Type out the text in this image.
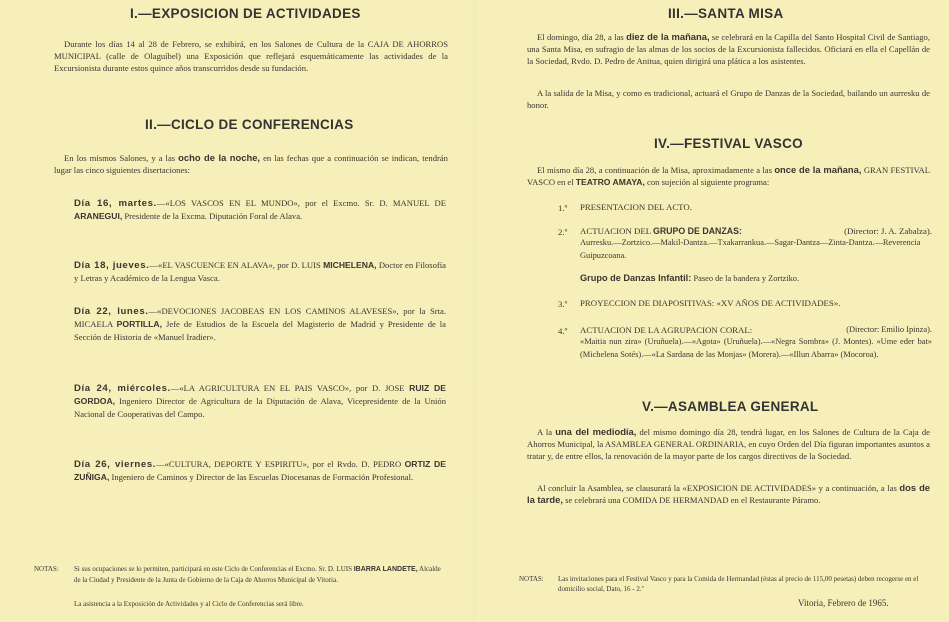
I.—EXPOSICION DE ACTIVIDADES

Durante los días 14 al 28 de Febrero, se exhibirá, en los Salones de Cultura de la CAJA DE AHORROS MUNICIPAL (calle de Olaguíbel) una Exposición que reflejará esquemáticamente las actividades de la Excursionista durante estos quince años transcurridos desde su fundación.

II.—CICLO DE CONFERENCIAS

En los mismos Salones, y a las ocho de la noche, en las fechas que a continuación se indican, tendrán lugar las cinco siguientes disertaciones:

Día 16, martes.—«LOS VASCOS EN EL MUNDO», por el Excmo. Sr. D. MANUEL DE ARANEGUI, Presidente de la Excma. Diputación Foral de Alava.
Día 18, jueves.—«EL VASCUENCE EN ALAVA», por D. LUIS MICHELENA, Doctor en Filosofía y Letras y Académico de la Lengua Vasca.
Día 22, lunes.—«DEVOCIONES JACOBEAS EN LOS CAMINOS ALAVESES», por la Srta. MICAELA PORTILLA, Jefe de Estudios de la Escuela del Magisterio de Madrid y Presidente de la Sección de Historia de «Manuel Iradier».
Día 24, miércoles.—«LA AGRICULTURA EN EL PAIS VASCO», por D. JOSE RUIZ DE GORDOA, Ingeniero Director de Agricultura de la Diputación de Alava, Vicepresidente de la Unión Nacional de Cooperativas del Campo.
Día 26, viernes.—«CULTURA, DEPORTE Y ESPIRITU», por el Rvdo. D. PEDRO ORTIZ DE ZUÑIGA, Ingeniero de Caminos y Director de las Escuelas Diocesanas de Formación Profesional.
NOTAS:	Si sus ocupaciones se lo permiten, participará en este Ciclo de Conferencias el Excmo. Sr. D. LUIS IBARRA LANDETE, Alcalde de la Ciudad y Presidente de la Junta de Gobierno de la Caja de Ahorros Municipal de Vitoria.
La asistencia a la Exposición de Actividades y al Ciclo de Conferencias será libre.
III.—SANTA MISA

El domingo, día 28, a las diez de la mañana, se celebrará en la Capilla del Santo Hospital Civil de Santiago, una Santa Misa, en sufragio de las almas de los socios de la Excursionista fallecidos. Oficiará en ella el Capellán de la Sociedad, Rvdo. D. Pedro de Anitua, quien dirigirá una plática a los asistentes.

A la salida de la Misa, y como es tradicional, actuará el Grupo de Danzas de la Sociedad, bailando un aurresku de honor.

IV.—FESTIVAL VASCO

El mismo día 28, a continuación de la Misa, aproximadamente a las once de la mañana, GRAN FESTIVAL VASCO en el TEATRO AMAYA, con sujeción al siguiente programa:

1.º PRESENTACION DEL ACTO.
2.º ACTUACION DEL GRUPO DE DANZAS:	(Director: J. A. Zabalza).
Aurresku.—Zortzico.—Makil-Dantza.—Txakarrankua.—Sagar-Dantza—Zinta-Dantza.—Reverencia Guipuzcoana.
Grupo de Danzas Infantil: Paseo de la bandera y Zortziko.
3.º PROYECCION DE DIAPOSITIVAS: «XV AÑOS DE ACTIVIDADES».
4.º ACTUACION DE LA AGRUPACION CORAL:	(Director: Emilio Ipinza).
«Maitia nun zira» (Uruñuela).—«Agota» (Uruñuela).—«Negra Sombra» (J. Montes). «Ume eder bat» (Michelena Sotés).—«La Sardana de las Monjas» (Morera).—«Illun Abarra» (Mocoroa).
V.—ASAMBLEA GENERAL

A la una del mediodía, del mismo domingo día 28, tendrá lugar, en los Salones de Cultura de la Caja de Ahorros Municipal, la ASAMBLEA GENERAL ORDINARIA, en cuyo Orden del Día figuran importantes asuntos a tratar y, de entre ellos, la renovación de la mayor parte de los cargos directivos de la Sociedad.

Al concluir la Asamblea, se clausurará la «EXPOSICION DE ACTIVIDADES» y a continuación, a las dos de la tarde, se celebrará una COMIDA DE HERMANDAD en el Restaurante Páramo.

NOTAS:	Las invitaciones para el Festival Vasco y para la Comida de Hermandad (éstas al precio de 115,00 pesetas) deben recogerse en el domicilio social, Dato, 16 - 2.º
Vitoria, Febrero de 1965.
